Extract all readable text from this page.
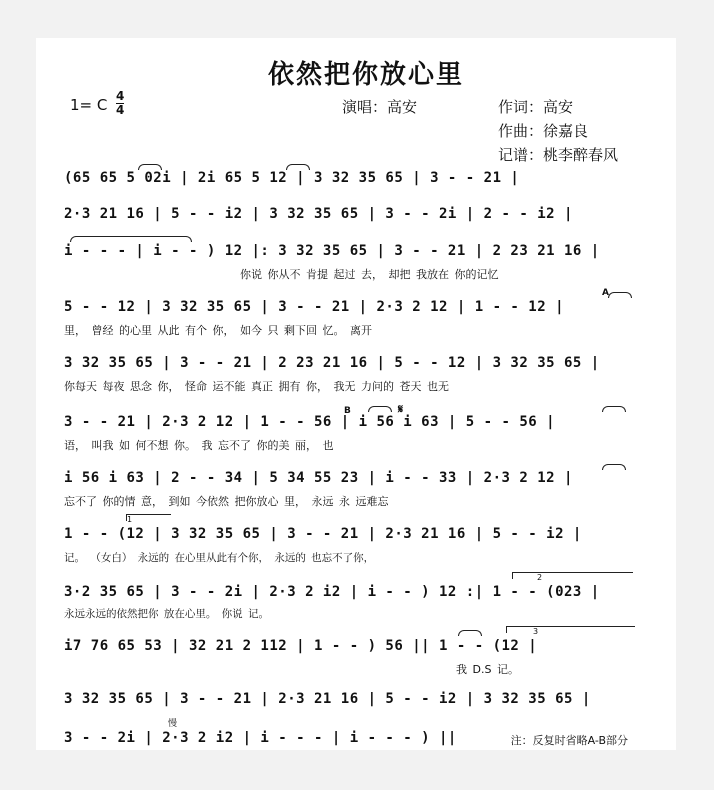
依然把你放心里
1= C 4
4	演唱：高安	作词：高安
作曲：徐嘉良
记谱：桃李醉春风
(65 65 5 02i | 2i 65 5 12 | 3 32 35 65 | 3 - - 21 |
2·3 21 16 | 5 - - i2 | 3 32 35 65 | 3 - - 2i | 2 - - i2 |
i - - - | i - - ) 12 |: 3 32 35 65 | 3 - - 21 | 2 23 21 16 |
你说 你从不 肯提 起过 去， 却把 我放在 你的记忆
5 - - 12 | 3 32 35 65 | 3 - - 21 | 2·3 2 12 | 1 - - 12 |
里， 曾经 的心里 从此 有个 你， 如今 只 剩下回 忆。 离开
3 32 35 65 | 3 - - 21 | 2 23 21 16 | 5 - - 12 | 3 32 35 65 |
你每天 每夜 思念 你， 怪命 运不能 真正 拥有 你， 我无 力问的 苍天 也无
3 - - 21 | 2·3 2 12 | 1 - - 56 | i 56 i 63 | 5 - - 56 |
语， 叫我 如 何不想 你。 我 忘不了 你的美 丽， 也
i 56 i 63 | 2 - - 34 | 5 34 55 23 | i - - 33 | 2·3 2 12 |
忘不了 你的情 意， 到如 今依然 把你放心 里， 永远 永 远难忘
1 - - (12 | 3 32 35 65 | 3 - - 21 | 2·3 21 16 | 5 - - i2 |
记。 （女白） 永远的 在心里从此有个你， 永远的 也忘不了你，
3·2 35 65 | 3 - - 2i | 2·3 2 i2 | i - - ) 12 :| 1 - - (023 |
永远永远的依然把你 放在心里。 你说 记。
i7 76 65 53 | 32 21 2 112 | 1 - - ) 56 || 1 - - (12 |
我 D.S 记。
3 32 35 65 | 3 - - 21 | 2·3 21 16 | 5 - - i2 | 3 32 35 65 |
3 - - 2i | 2·3 2 i2 | i - - - | i - - - ) ||
A
B	𝄋
慢
1
2
3
注：反复时省略A-B部分
